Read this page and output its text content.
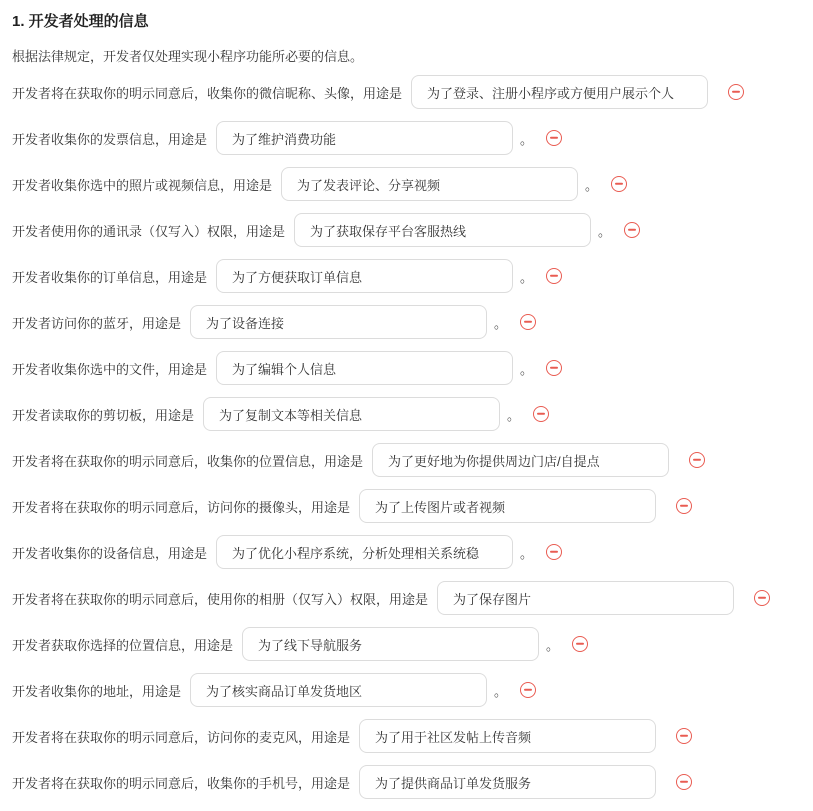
1. 开发者处理的信息

根据法律规定，开发者仅处理实现小程序功能所必要的信息。

开发者将在获取你的明示同意后，收集你的微信昵称、头像，用途是
为了登录、注册小程序或方便用户展示个人
开发者收集你的发票信息，用途是
为了维护消费功能	。
开发者收集你选中的照片或视频信息，用途是
为了发表评论、分享视频	。
开发者使用你的通讯录（仅写入）权限，用途是
为了获取保存平台客服热线	。
开发者收集你的订单信息，用途是
为了方便获取订单信息	。
开发者访问你的蓝牙，用途是
为了设备连接	。
开发者收集你选中的文件，用途是
为了编辑个人信息	。
开发者读取你的剪切板，用途是
为了复制文本等相关信息	。
开发者将在获取你的明示同意后，收集你的位置信息，用途是
为了更好地为你提供周边门店/自提点
开发者将在获取你的明示同意后，访问你的摄像头，用途是
为了上传图片或者视频
开发者收集你的设备信息，用途是
为了优化小程序系统，分析处理相关系统稳	。
开发者将在获取你的明示同意后，使用你的相册（仅写入）权限，用途是
为了保存图片
开发者获取你选择的位置信息，用途是
为了线下导航服务	。
开发者收集你的地址，用途是
为了核实商品订单发货地区	。
开发者将在获取你的明示同意后，访问你的麦克风，用途是
为了用于社区发帖上传音频
开发者将在获取你的明示同意后，收集你的手机号，用途是
为了提供商品订单发货服务
